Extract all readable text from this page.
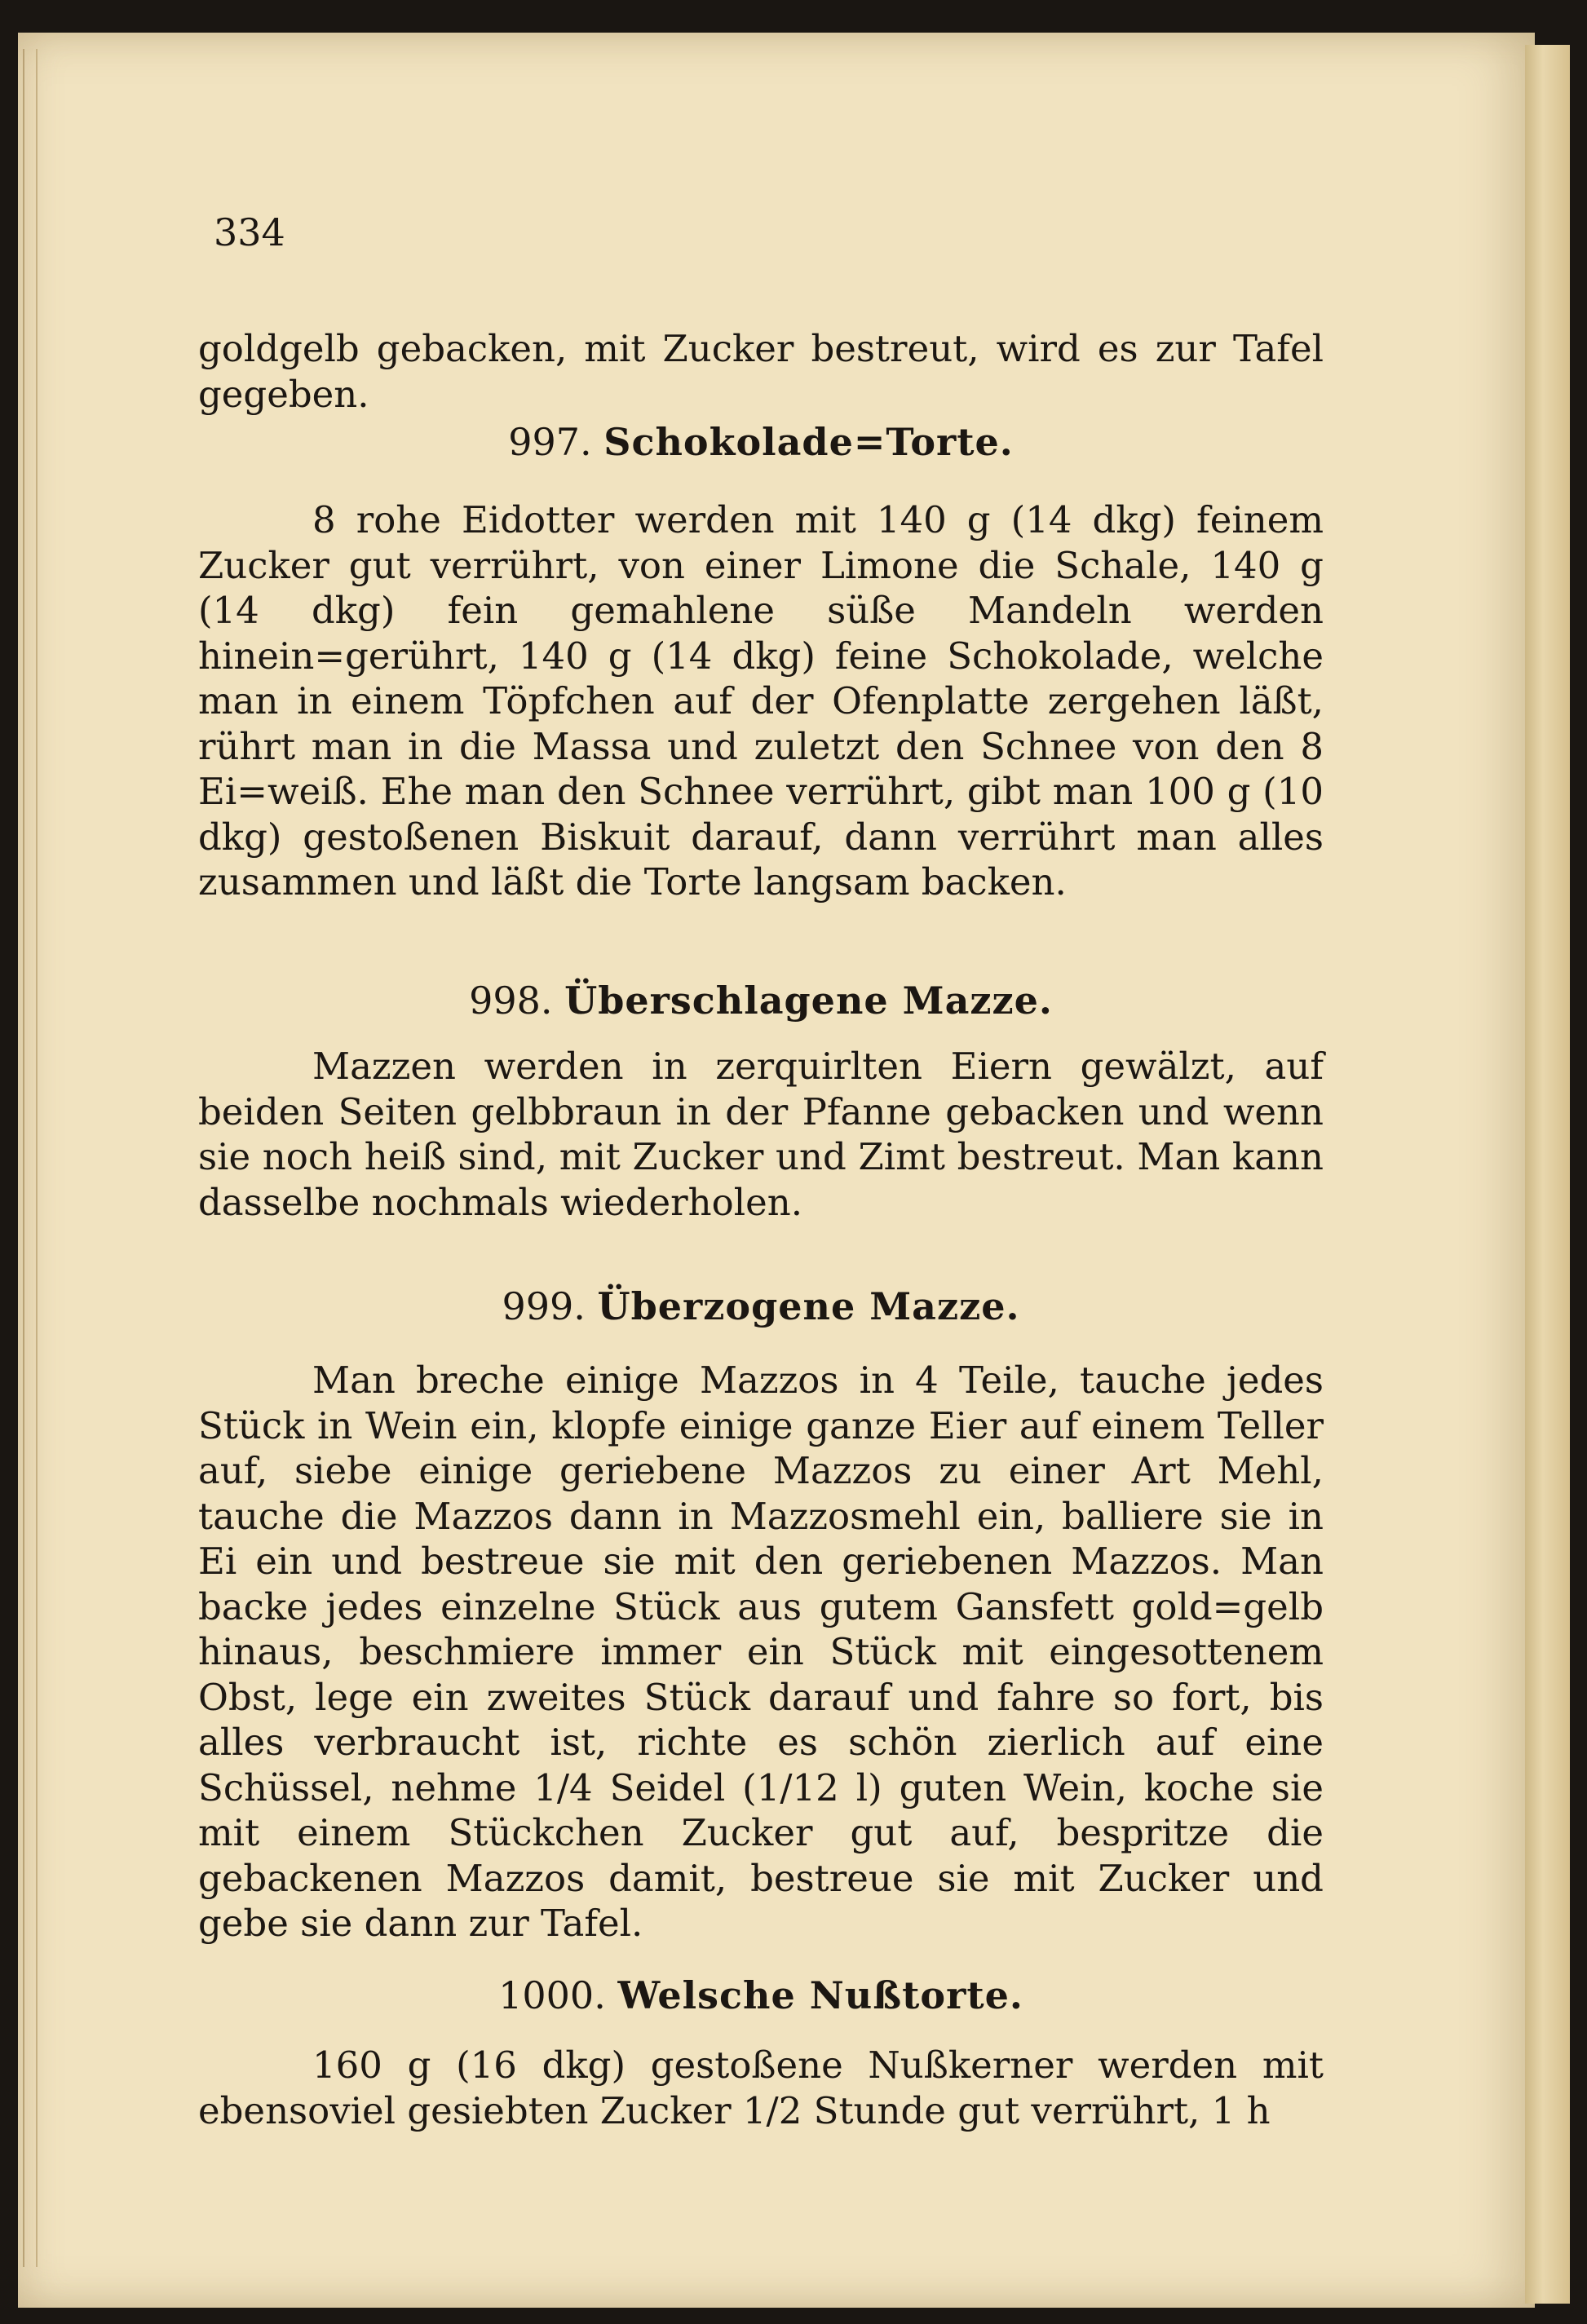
334
goldgelb gebacken, mit Zucker bestreut, wird es zur Tafel gegeben.
997. Schokolade=Torte.
8 rohe Eidotter werden mit 140 g (14 dkg) feinem Zucker gut verrührt, von einer Limone die Schale, 140 g (14 dkg) fein gemahlene süße Mandeln werden hinein=gerührt, 140 g (14 dkg) feine Schokolade, welche man in einem Töpfchen auf der Ofenplatte zergehen läßt, rührt man in die Massa und zuletzt den Schnee von den 8 Ei=weiß. Ehe man den Schnee verrührt, gibt man 100 g (10 dkg) gestoßenen Biskuit darauf, dann verrührt man alles zusammen und läßt die Torte langsam backen.
998. Überschlagene Mazze.
Mazzen werden in zerquirlten Eiern gewälzt, auf beiden Seiten gelbbraun in der Pfanne gebacken und wenn sie noch heiß sind, mit Zucker und Zimt bestreut. Man kann dasselbe nochmals wiederholen.
999. Überzogene Mazze.
Man breche einige Mazzos in 4 Teile, tauche jedes Stück in Wein ein, klopfe einige ganze Eier auf einem Teller auf, siebe einige geriebene Mazzos zu einer Art Mehl, tauche die Mazzos dann in Mazzosmehl ein, balliere sie in Ei ein und bestreue sie mit den geriebenen Mazzos. Man backe jedes einzelne Stück aus gutem Gansfett gold=gelb hinaus, beschmiere immer ein Stück mit eingesottenem Obst, lege ein zweites Stück darauf und fahre so fort, bis alles verbraucht ist, richte es schön zierlich auf eine Schüssel, nehme 1/4 Seidel (1/12 l) guten Wein, koche sie mit einem Stückchen Zucker gut auf, bespritze die gebackenen Mazzos damit, bestreue sie mit Zucker und gebe sie dann zur Tafel.
1000. Welsche Nußtorte.
160 g (16 dkg) gestoßene Nußkerner werden mit ebensoviel gesiebten Zucker 1/2 Stunde gut verrührt, 1 h
